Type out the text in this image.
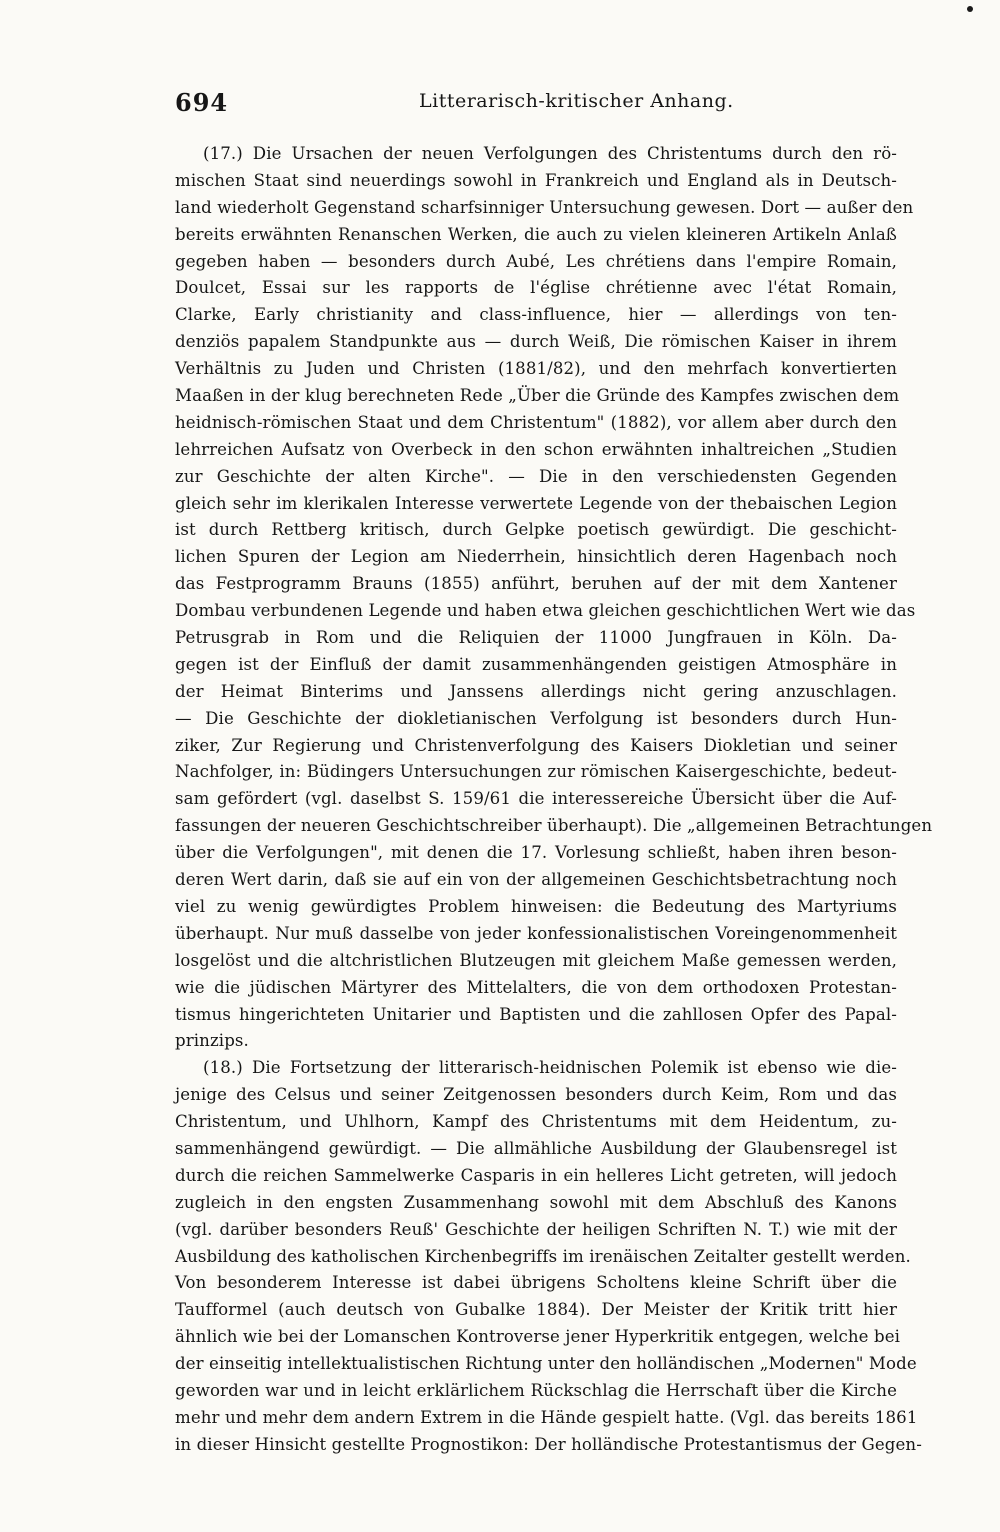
694	Litterarisch-kritischer Anhang.
(17.) Die Ursachen der neuen Verfolgungen des Christentums durch den rö-
mischen Staat sind neuerdings sowohl in Frankreich und England als in Deutsch-
land wiederholt Gegenstand scharfsinniger Untersuchung gewesen. Dort — außer den
bereits erwähnten Renanschen Werken, die auch zu vielen kleineren Artikeln Anlaß
gegeben haben — besonders durch Aubé, Les chrétiens dans l'empire Romain,
Doulcet, Essai sur les rapports de l'église chrétienne avec l'état Romain,
Clarke, Early christianity and class-influence, hier — allerdings von ten-
denziös papalem Standpunkte aus — durch Weiß, Die römischen Kaiser in ihrem
Verhältnis zu Juden und Christen (1881/82), und den mehrfach konvertierten
Maaßen in der klug berechneten Rede „Über die Gründe des Kampfes zwischen dem
heidnisch-römischen Staat und dem Christentum" (1882), vor allem aber durch den
lehrreichen Aufsatz von Overbeck in den schon erwähnten inhaltreichen „Studien
zur Geschichte der alten Kirche". — Die in den verschiedensten Gegenden
gleich sehr im klerikalen Interesse verwertete Legende von der thebaischen Legion
ist durch Rettberg kritisch, durch Gelpke poetisch gewürdigt. Die geschicht-
lichen Spuren der Legion am Niederrhein, hinsichtlich deren Hagenbach noch
das Festprogramm Brauns (1855) anführt, beruhen auf der mit dem Xantener
Dombau verbundenen Legende und haben etwa gleichen geschichtlichen Wert wie das
Petrusgrab in Rom und die Reliquien der 11000 Jungfrauen in Köln. Da-
gegen ist der Einfluß der damit zusammenhängenden geistigen Atmosphäre in
der Heimat Binterims und Janssens allerdings nicht gering anzuschlagen.
— Die Geschichte der diokletianischen Verfolgung ist besonders durch Hun-
ziker, Zur Regierung und Christenverfolgung des Kaisers Diokletian und seiner
Nachfolger, in: Büdingers Untersuchungen zur römischen Kaisergeschichte, bedeut-
sam gefördert (vgl. daselbst S. 159/61 die interessereiche Übersicht über die Auf-
fassungen der neueren Geschichtschreiber überhaupt). Die „allgemeinen Betrachtungen
über die Verfolgungen", mit denen die 17. Vorlesung schließt, haben ihren beson-
deren Wert darin, daß sie auf ein von der allgemeinen Geschichtsbetrachtung noch
viel zu wenig gewürdigtes Problem hinweisen: die Bedeutung des Martyriums
überhaupt. Nur muß dasselbe von jeder konfessionalistischen Voreingenommenheit
losgelöst und die altchristlichen Blutzeugen mit gleichem Maße gemessen werden,
wie die jüdischen Märtyrer des Mittelalters, die von dem orthodoxen Protestan-
tismus hingerichteten Unitarier und Baptisten und die zahllosen Opfer des Papal-
prinzips.
(18.) Die Fortsetzung der litterarisch-heidnischen Polemik ist ebenso wie die-
jenige des Celsus und seiner Zeitgenossen besonders durch Keim, Rom und das
Christentum, und Uhlhorn, Kampf des Christentums mit dem Heidentum, zu-
sammenhängend gewürdigt. — Die allmähliche Ausbildung der Glaubensregel ist
durch die reichen Sammelwerke Casparis in ein helleres Licht getreten, will jedoch
zugleich in den engsten Zusammenhang sowohl mit dem Abschluß des Kanons
(vgl. darüber besonders Reuß' Geschichte der heiligen Schriften N. T.) wie mit der
Ausbildung des katholischen Kirchenbegriffs im irenäischen Zeitalter gestellt werden.
Von besonderem Interesse ist dabei übrigens Scholtens kleine Schrift über die
Taufformel (auch deutsch von Gubalke 1884). Der Meister der Kritik tritt hier
ähnlich wie bei der Lomanschen Kontroverse jener Hyperkritik entgegen, welche bei
der einseitig intellektualistischen Richtung unter den holländischen „Modernen" Mode
geworden war und in leicht erklärlichem Rückschlag die Herrschaft über die Kirche
mehr und mehr dem andern Extrem in die Hände gespielt hatte. (Vgl. das bereits 1861
in dieser Hinsicht gestellte Prognostikon: Der holländische Protestantismus der Gegen-
